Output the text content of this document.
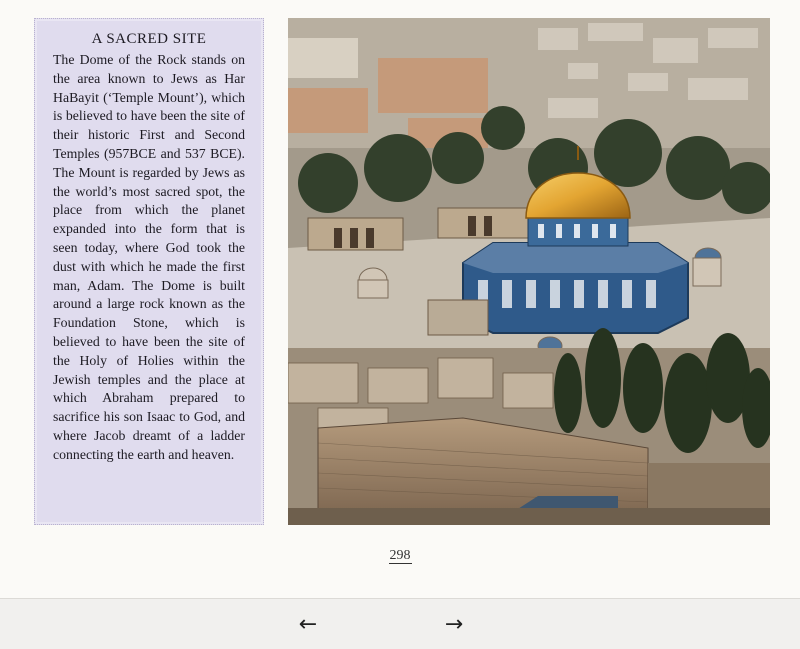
A SACRED SITE

The Dome of the Rock stands on the area known to Jews as Har HaBayit (‘Temple Mount’), which is believed to have been the site of their historic First and Second Temples (957BCE and 537 BCE). The Mount is regarded by Jews as the world’s most sacred spot, the place from which the planet expanded into the form that is seen today, where God took the dust with which he made the first man, Adam. The Dome is built around a large rock known as the Foundation Stone, which is believed to have been the site of the Holy of Holies within the Jewish temples and the place at which Abraham prepared to sacrifice his son Isaac to God, and where Jacob dreamt of a ladder connecting the earth and heaven.

298
←	→
